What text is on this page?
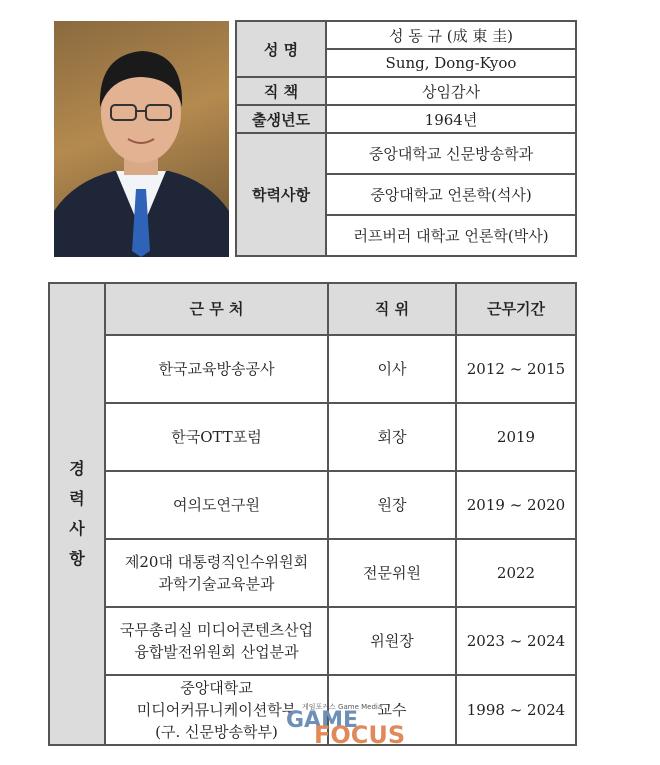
성 명	성 동 규 (成 東 圭)
	Sung, Dong-Kyoo
직 책	상임감사
출생년도	1964년
학력사항	중앙대학교 신문방송학과
	중앙대학교 언론학(석사)
	러프버러 대학교 언론학(박사)
경
력
사
항	근 무 처	직 위	근무기간

	한국교육방송공사	이사	2012 ~ 2015

	한국OTT포럼	회장	2019

	여의도연구원	원장	2019 ~ 2020

	제20대 대통령직인수위원회
과학기술교육분과	전문위원	2022

	국무총리실 미디어콘텐츠산업
융합발전위원회 산업분과	위원장	2023 ~ 2024

	중앙대학교
미디어커뮤니케이션학부
(구. 신문방송학부)	교수	1998 ~ 2024
게임포커스 Game Media
GAME
FOCUS
